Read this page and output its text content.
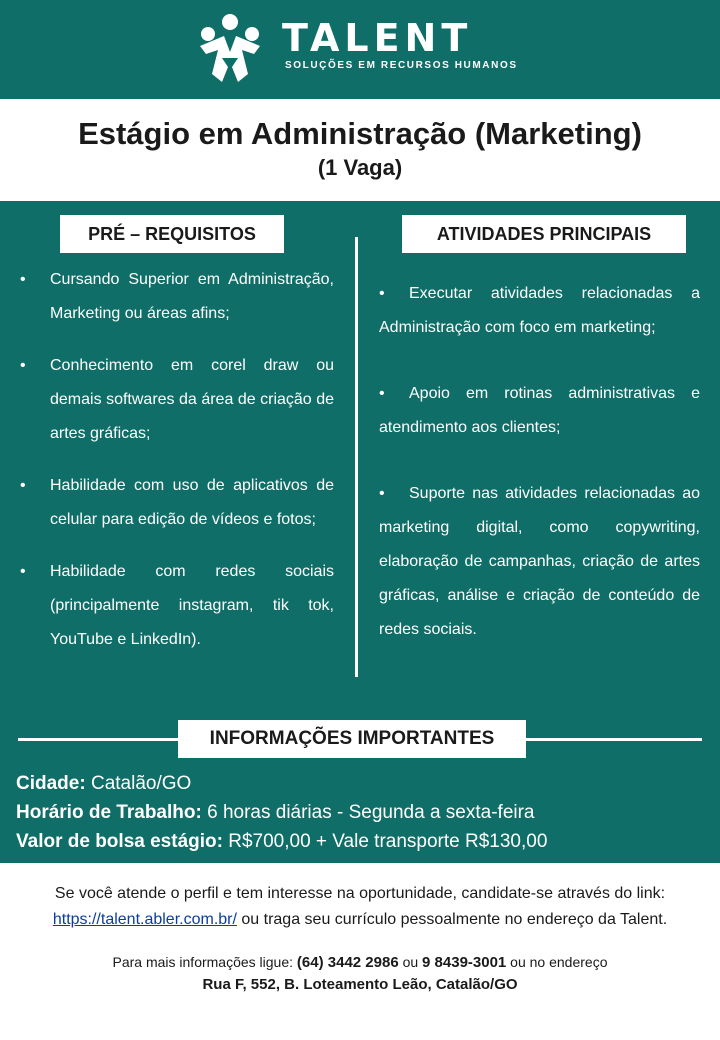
TALENT
SOLUÇÕES EM RECURSOS HUMANOS
Estágio em Administração (Marketing)
(1 Vaga)
PRÉ – REQUISITOS	ATIVIDADES PRINCIPAIS
• Cursando Superior em Administração, Marketing ou áreas afins;
• Conhecimento em corel draw ou demais softwares da área de criação de artes gráficas;
• Habilidade com uso de aplicativos de celular para edição de vídeos e fotos;
• Habilidade com redes sociais (principalmente instagram, tik tok, YouTube e LinkedIn).
• Executar atividades relacionadas a Administração com foco em marketing;
• Apoio em rotinas administrativas e atendimento aos clientes;
• Suporte nas atividades relacionadas ao marketing digital, como copywriting, elaboração de campanhas, criação de artes gráficas, análise e criação de conteúdo de redes sociais.
INFORMAÇÕES IMPORTANTES
Cidade: Catalão/GO
Horário de Trabalho: 6 horas diárias - Segunda a sexta-feira
Valor de bolsa estágio: R$700,00 + Vale transporte R$130,00
Se você atende o perfil e tem interesse na oportunidade, candidate-se através do link: https://talent.abler.com.br/ ou traga seu currículo pessoalmente no endereço da Talent.
Para mais informações ligue: (64) 3442 2986 ou 9 8439-3001 ou no endereço
Rua F, 552, B. Loteamento Leão, Catalão/GO
